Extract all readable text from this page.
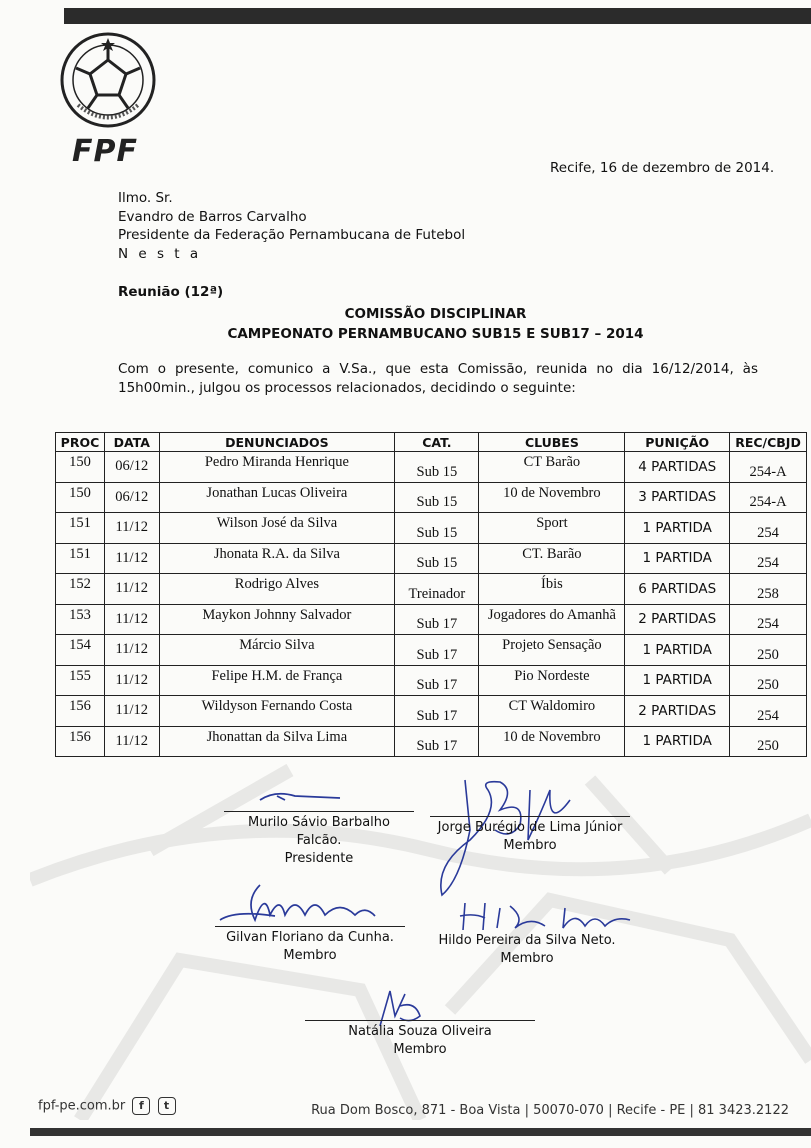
FPF	Recife, 16 de dezembro de 2014.
Ilmo. Sr.
Evandro de Barros Carvalho
Presidente da Federação Pernambucana de Futebol
N e s t a
Reunião (12ª)
COMISSÃO DISCIPLINAR
CAMPEONATO PERNAMBUCANO SUB15 E SUB17 – 2014
Com o presente, comunico a V.Sa., que esta Comissão, reunida no dia 16/12/2014, às 15h00min., julgou os processos relacionados, decidindo o seguinte:
PROC	DATA	DENUNCIADOS	CAT.	CLUBES	PUNIÇÃO	REC/CBJD
150	06/12	Pedro Miranda Henrique	Sub 15	CT Barão	4 PARTIDAS	254-A
150	06/12	Jonathan Lucas Oliveira	Sub 15	10 de Novembro	3 PARTIDAS	254-A
151	11/12	Wilson José da Silva	Sub 15	Sport	1 PARTIDA	254
151	11/12	Jhonata R.A. da Silva	Sub 15	CT. Barão	1 PARTIDA	254
152	11/12	Rodrigo Alves	Treinador	Íbis	6 PARTIDAS	258
153	11/12	Maykon Johnny Salvador	Sub 17	Jogadores do Amanhã	2 PARTIDAS	254
154	11/12	Márcio Silva	Sub 17	Projeto Sensação	1 PARTIDA	250
155	11/12	Felipe H.M. de França	Sub 17	Pio Nordeste	1 PARTIDA	250
156	11/12	Wildyson Fernando Costa	Sub 17	CT Waldomiro	2 PARTIDAS	254
156	11/12	Jhonattan da Silva Lima	Sub 17	10 de Novembro	1 PARTIDA	250
Murilo Sávio Barbalho Falcão.
Presidente
Jorge Burégio de Lima Júnior
Membro
Gilvan Floriano da Cunha.
Membro
Hildo Pereira da Silva Neto.
Membro
Natália Souza Oliveira
Membro
fpf-pe.com.br f t	Rua Dom Bosco, 871 - Boa Vista | 50070-070 | Recife - PE | 81 3423.2122
